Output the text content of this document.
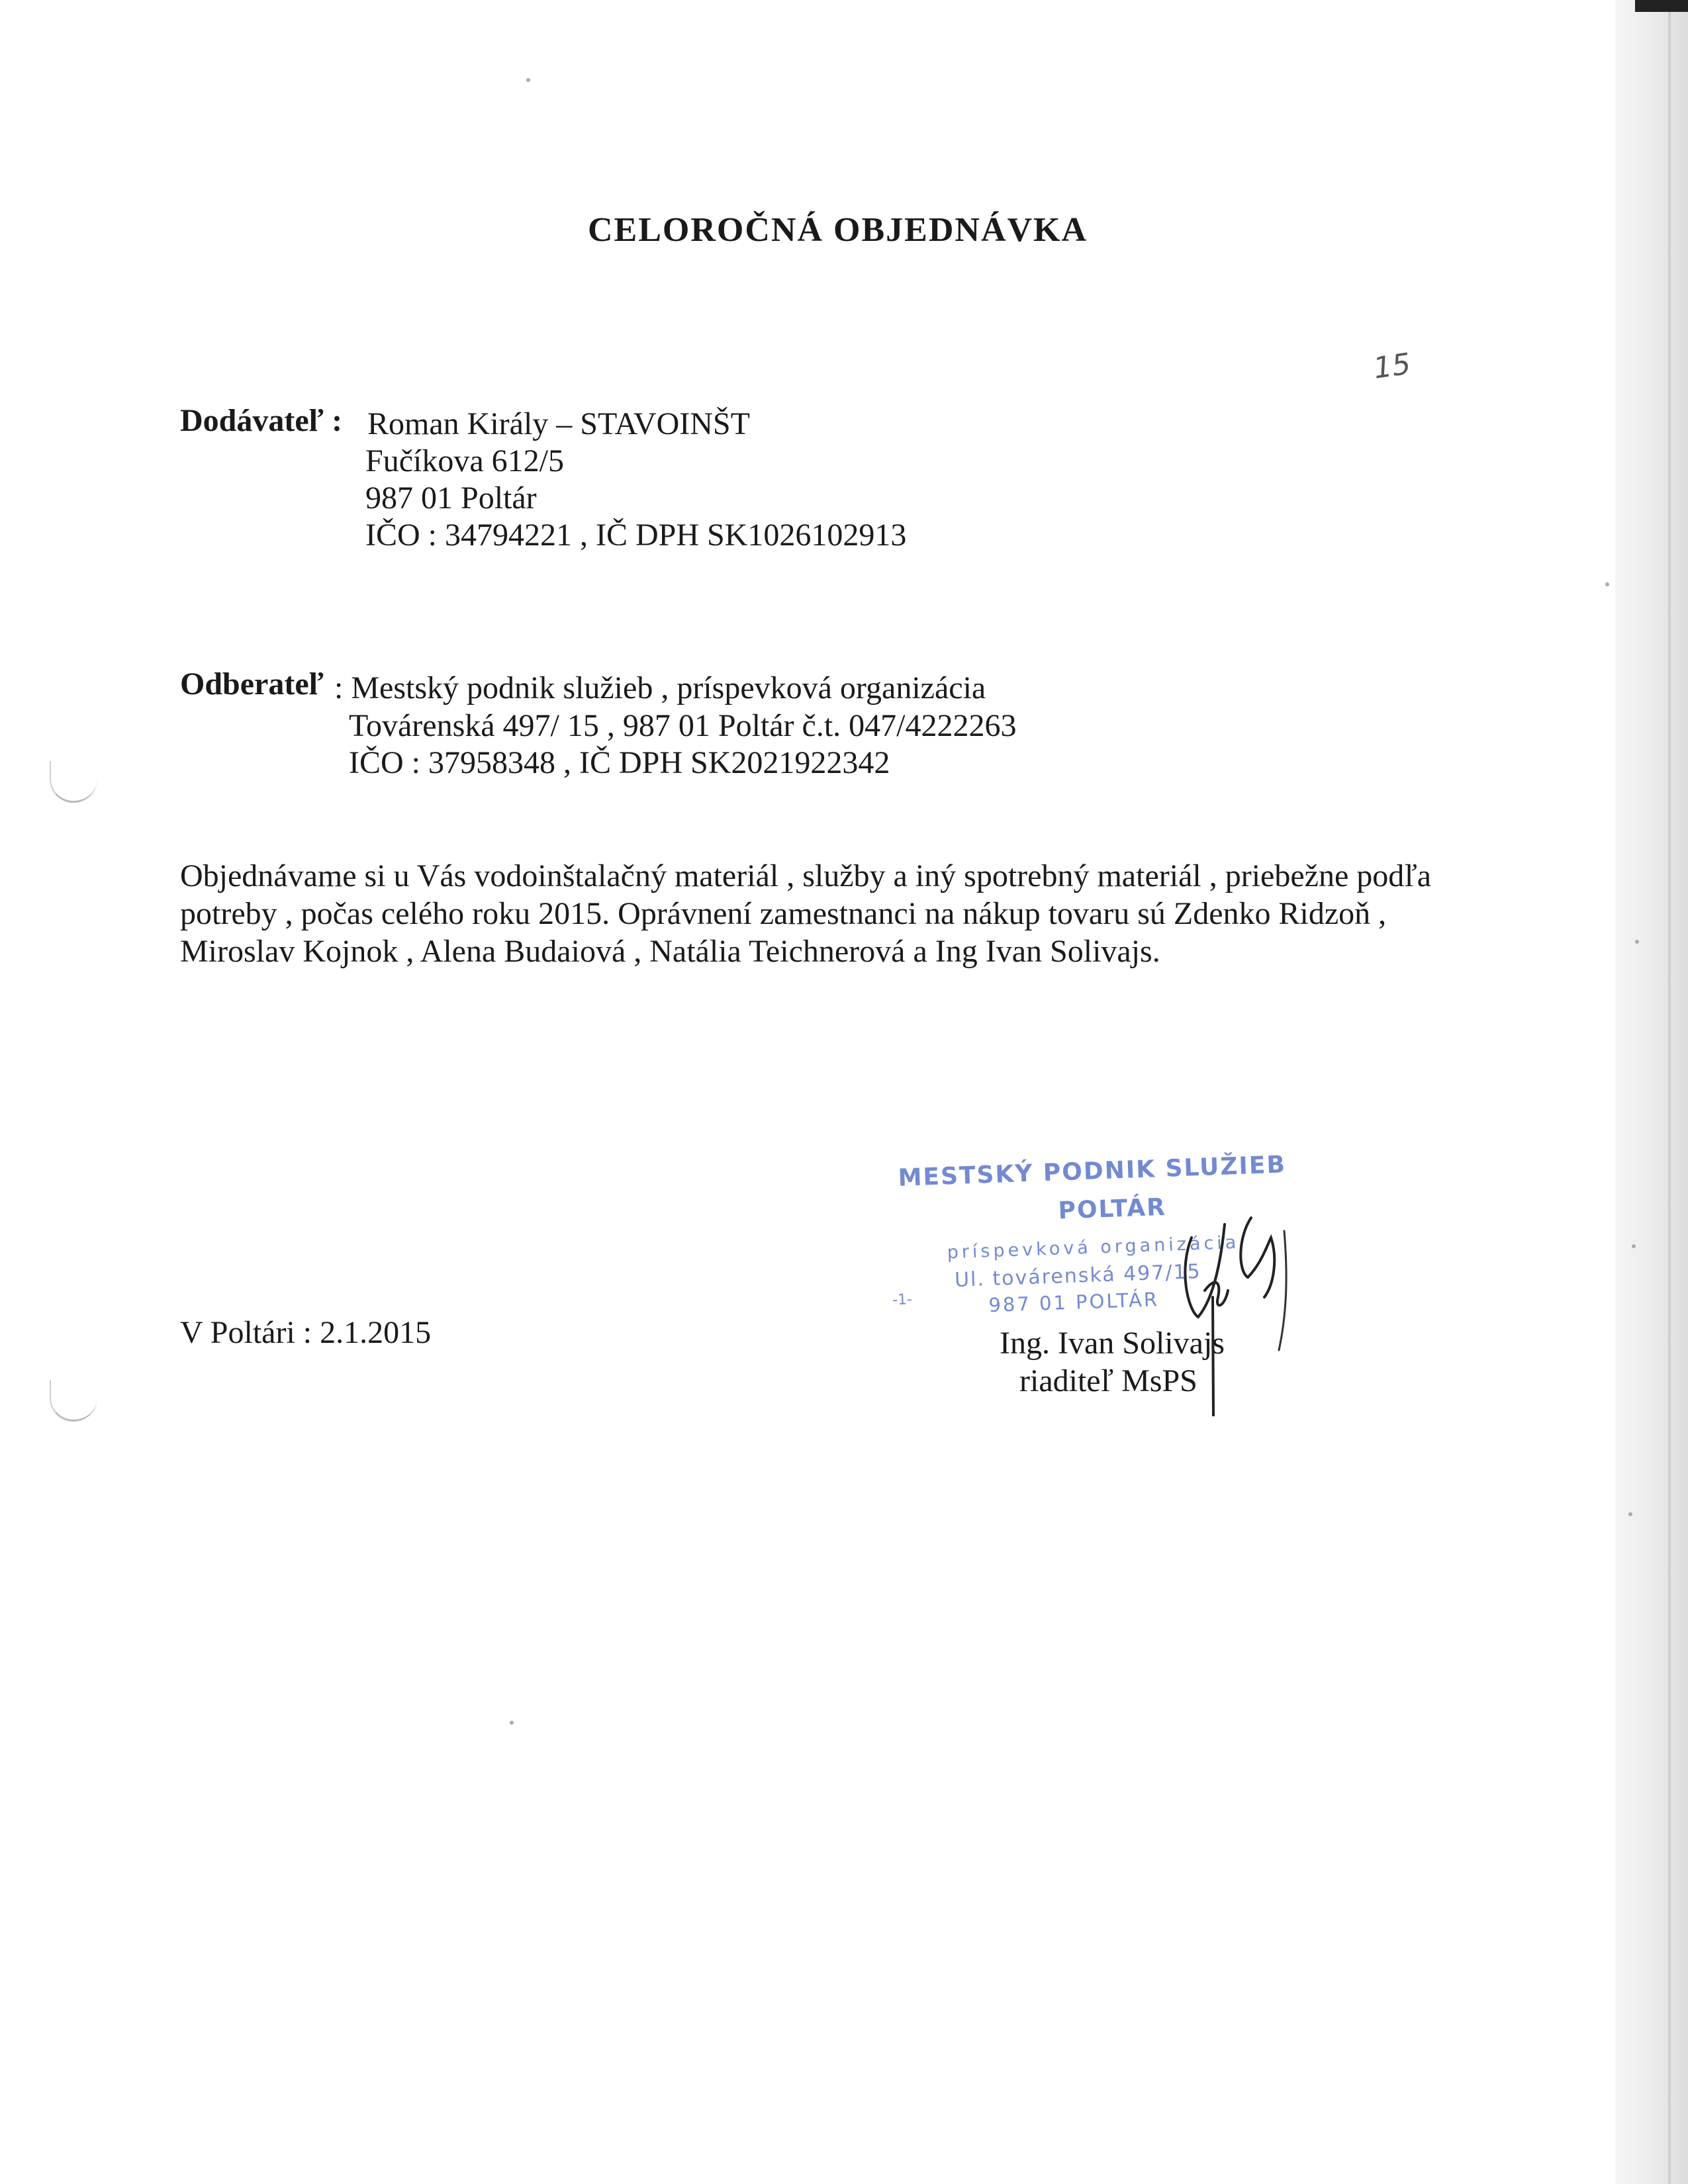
CELOROČNÁ OBJEDNÁVKA
15
Dodávateľ : Roman Király – STAVOINŠT
Fučíkova 612/5
987 01 Poltár
IČO : 34794221 , IČ DPH SK1026102913
Odberateľ : Mestský podnik služieb , príspevková organizácia
Továrenská 497/ 15 , 987 01 Poltár č.t. 047/4222263
IČO : 37958348 , IČ DPH SK2021922342
Objednávame si u Vás vodoinštalačný materiál , služby a iný spotrebný materiál , priebežne podľa
potreby , počas celého roku 2015. Oprávnení zamestnanci na nákup tovaru sú Zdenko Ridzoň ,
Miroslav Kojnok , Alena Budaiová , Natália Teichnerová a Ing Ivan Solivajs.
V Poltári : 2.1.2015	Ing. Ivan Solivajs
riaditeľ MsPS
MESTSKÝ PODNIK SLUŽIEB
POLTÁR
príspevková organizácia
Ul. továrenská 497/15
-1-	987 01 POLTÁR
